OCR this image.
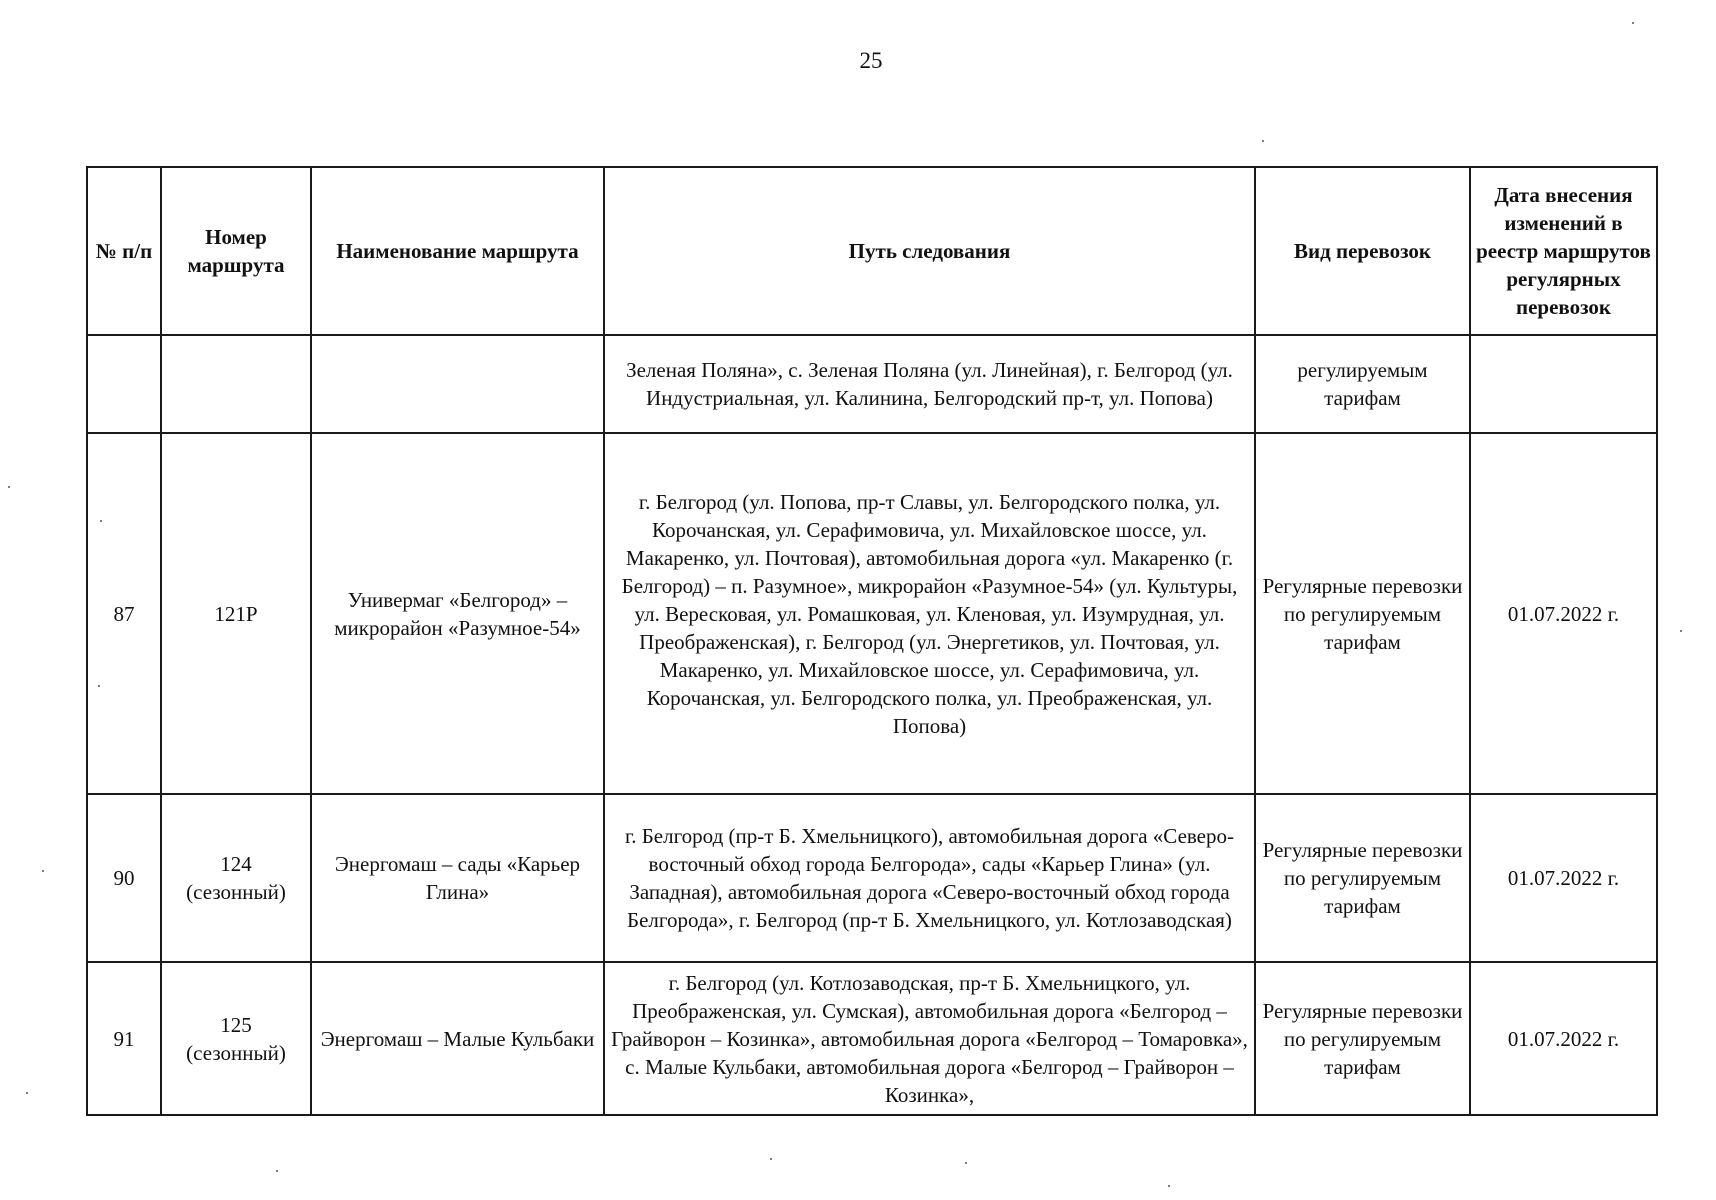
25
№ п/п	Номер маршрута	Наименование маршрута	Путь следования	Вид перевозок	Дата внесения изменений в реестр маршрутов регулярных перевозок
			Зеленая Поляна», с. Зеленая Поляна (ул. Линейная), г. Белгород (ул. Индустриальная, ул. Калинина, Белгородский пр-т, ул. Попова)	регулируемым тарифам	
87	121Р	Универмаг «Белгород» – микрорайон «Разумное-54»	г. Белгород (ул. Попова, пр-т Славы, ул. Белгородского полка, ул. Корочанская, ул. Серафимовича, ул. Михайловское шоссе, ул. Макаренко, ул. Почтовая), автомобильная дорога «ул. Макаренко (г. Белгород) – п. Разумное», микрорайон «Разумное-54» (ул. Культуры, ул. Вересковая, ул. Ромашковая, ул. Кленовая, ул. Изумрудная, ул. Преображенская), г. Белгород (ул. Энергетиков, ул. Почтовая, ул. Макаренко, ул. Михайловское шоссе, ул. Серафимовича, ул. Корочанская, ул. Белгородского полка, ул. Преображенская, ул. Попова)	Регулярные перевозки по регулируемым тарифам	01.07.2022 г.
90	124 (сезонный)	Энергомаш – сады «Карьер Глина»	г. Белгород (пр-т Б. Хмельницкого), автомобильная дорога «Северо-восточный обход города Белгорода», сады «Карьер Глина» (ул. Западная), автомобильная дорога «Северо-восточный обход города Белгорода», г. Белгород (пр-т Б. Хмельницкого, ул. Котлозаводская)	Регулярные перевозки по регулируемым тарифам	01.07.2022 г.
91	125 (сезонный)	Энергомаш – Малые Кульбаки	г. Белгород (ул. Котлозаводская, пр-т Б. Хмельницкого, ул. Преображенская, ул. Сумская), автомобильная дорога «Белгород – Грайворон – Козинка», автомобильная дорога «Белгород – Томаровка», с. Малые Кульбаки, автомобильная дорога «Белгород – Грайворон – Козинка»,	Регулярные перевозки по регулируемым тарифам	01.07.2022 г.
